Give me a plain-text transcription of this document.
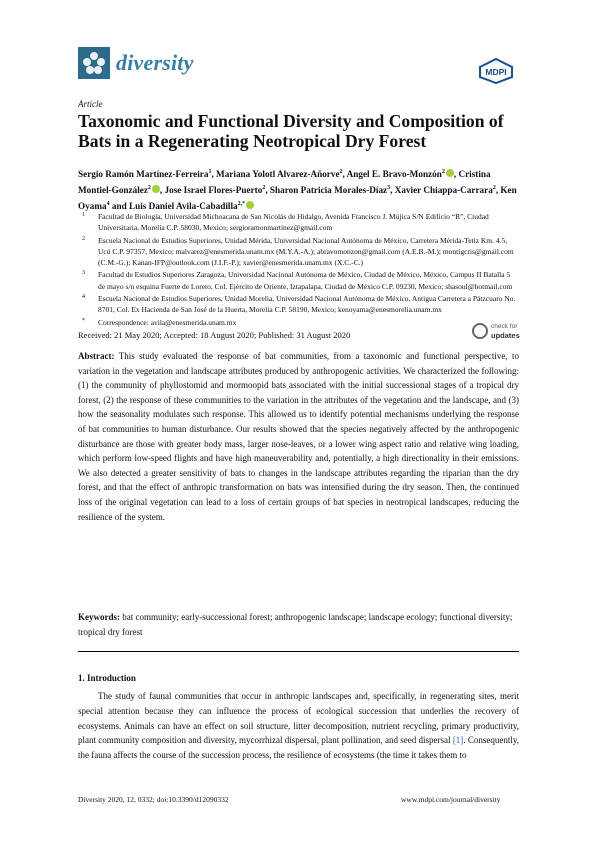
diversity	MDPI
Article
Taxonomic and Functional Diversity and Composition of Bats in a Regenerating Neotropical Dry Forest
Sergio Ramón Martínez-Ferreira$^1$, Mariana Yolotl Alvarez-Añorve$^2$, Angel E. Bravo-Monzón$^2$ , Cristina Montiel-González$^2$ , Jose Israel Flores-Puerto$^2$, Sharon Patricia Morales-Díaz$^3$, Xavier Chiappa-Carrara$^2$, Ken Oyama$^4$ and Luis Daniel Avila-Cabadilla$^{2,*}$
1 Facultad de Biología, Universidad Michoacana de San Nicolás de Hidalgo, Avenida Francisco J. Mújica S/N Edificio “R”, Ciudad Universitaria, Morelia C.P. 58030, Mexico; sergioramonmartinez@gmail.com
2 Escuela Nacional de Estudios Superiores, Unidad Mérida, Universidad Nacional Autónoma de México, Carretera Mérida-Tetiz Km. 4.5, Ucú C.P. 97357, Mexico; malvarez@enesmerida.unam.mx (M.Y.A.-A.); abravomonzon@gmail.com (A.E.B.-M.); montigcris@gmail.com (C.M.-G.); Kanan-IFP@outlook.com (J.I.F.-P.); xavier@enesmerida.unam.mx (X.C.-C.)
3 Facultad de Estudios Superiores Zaragoza, Universidad Nacional Autónoma de México, Ciudad de México, México, Campus II Batalla 5 de mayo s/n esquina Fuerte de Loreto, Col. Ejército de Oriente, Iztapalapa, Ciudad de México C.P. 09230, Mexico; shasoul@hotmail.com
4 Escuela Nacional de Estudios Superiores, Unidad Morelia, Universidad Nacional Autónoma de México, Antigua Carretera a Pátzcuaro No. 8701, Col. Ex Hacienda de San José de la Huerta, Morelia C.P. 58190, Mexico; kenoyama@enesmorelia.unam.mx
* Correspondence: avila@enesmerida.unam.mx	check for
updates
Received: 21 May 2020; Accepted: 18 August 2020; Published: 31 August 2020
Abstract: This study evaluated the response of bat communities, from a taxonomic and functional perspective, to variation in the vegetation and landscape attributes produced by anthropogenic activities. We characterized the following: (1) the community of phyllostomid and mormoopid bats associated with the initial successional stages of a tropical dry forest, (2) the response of these communities to the variation in the attributes of the vegetation and the landscape, and (3) how the seasonality modulates such response. This allowed us to identify potential mechanisms underlying the response of bat communities to human disturbance. Our results showed that the species negatively affected by the anthropogenic disturbance are those with greater body mass, larger nose-leaves, or a lower wing aspect ratio and relative wing loading, which perform low-speed flights and have high maneuverability and, potentially, a high directionality in their emissions. We also detected a greater sensitivity of bats to changes in the landscape attributes regarding the riparian than the dry forest, and that the effect of anthropic transformation on bats was intensified during the dry season. Then, the continued loss of the original vegetation can lead to a loss of certain groups of bat species in neotropical landscapes, reducing the resilience of the system.
Keywords: bat community; early-successional forest; anthropogenic landscape; landscape ecology; functional diversity; tropical dry forest
1. Introduction
The study of faunal communities that occur in anthropic landscapes and, specifically, in regenerating sites, merit special attention because they can influence the process of ecological succession that underlies the recovery of ecosystems. Animals can have an effect on soil structure, litter decomposition, nutrient recycling, primary productivity, plant community composition and diversity, mycorrhizal dispersal, plant pollination, and seed dispersal [1]. Consequently, the fauna affects the course of the succession process, the resilience of ecosystems (the time it takes them to
Diversity 2020, 12, 0332; doi:10.3390/d12090332	www.mdpi.com/journal/diversity
